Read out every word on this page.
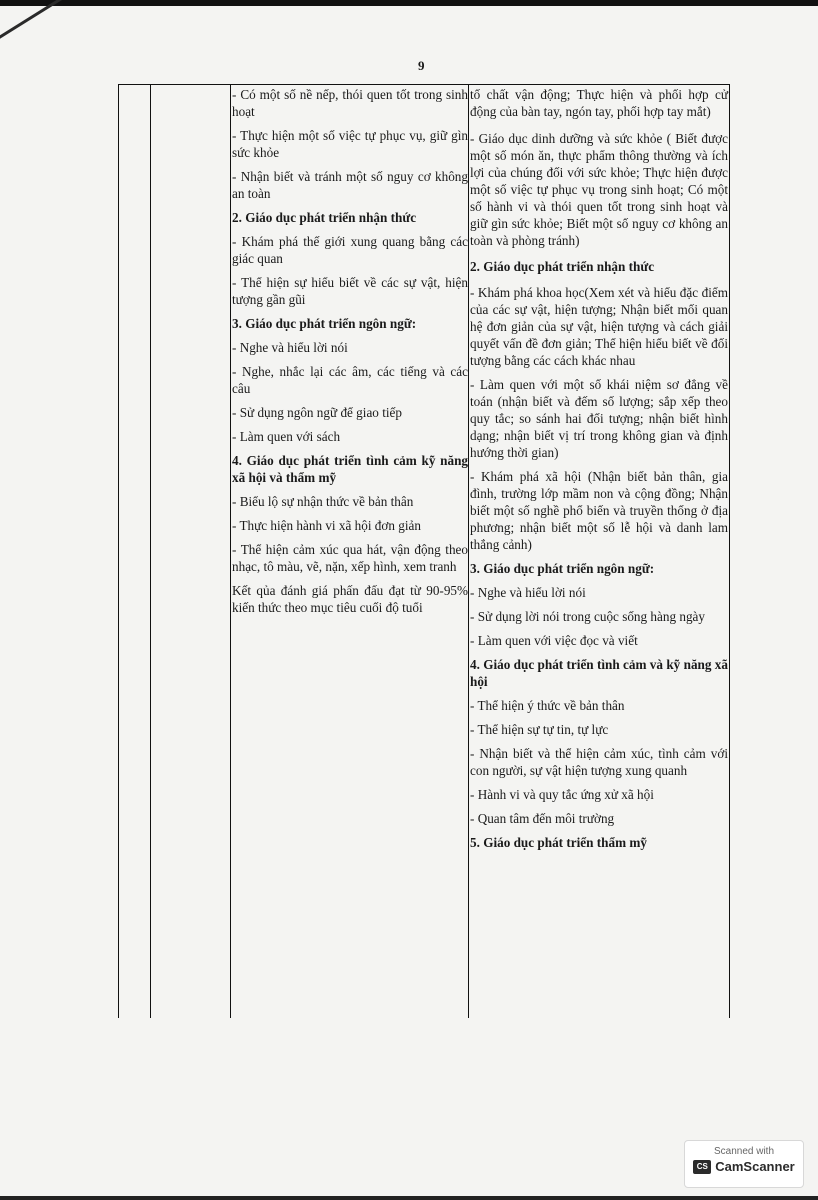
9

- Có một số nề nếp, thói quen tốt trong sinh hoạt

- Thực hiện một số việc tự phục vụ, giữ gìn sức khỏe

- Nhận biết và tránh một số nguy cơ không an toàn

2. Giáo dục phát triển nhận thức

- Khám phá thế giới xung quang bằng các giác quan

- Thể hiện sự hiểu biết về các sự vật, hiện tượng gần gũi

3. Giáo dục phát triển ngôn ngữ:

- Nghe và hiểu lời nói

- Nghe, nhắc lại các âm, các tiếng và các câu

- Sử dụng ngôn ngữ để giao tiếp

- Làm quen với sách

4. Giáo dục phát triển tình cảm kỹ năng xã hội và thẩm mỹ

- Biểu lộ sự nhận thức về bản thân

- Thực hiện hành vi xã hội đơn giản

- Thể hiện cảm xúc qua hát, vận động theo nhạc, tô màu, vẽ, nặn, xếp hình, xem tranh

Kết qủa đánh giá phấn đấu đạt từ 90-95% kiến thức theo mục tiêu cuối độ tuổi

tố chất vận động; Thực hiện và phối hợp cử động của bàn tay, ngón tay, phối hợp tay mắt)

- Giáo dục dinh dưỡng và sức khỏe ( Biết được một số món ăn, thực phẩm thông thường và ích lợi của chúng đối với sức khỏe; Thực hiện được một số việc tự phục vụ trong sinh hoạt; Có một số hành vi và thói quen tốt trong sinh hoạt và giữ gìn sức khỏe; Biết một số nguy cơ không an toàn và phòng tránh)

2. Giáo dục phát triển nhận thức

- Khám phá khoa học(Xem xét và hiểu đặc điểm của các sự vật, hiện tượng; Nhận biết mối quan hệ đơn giản của sự vật, hiện tượng và cách giải quyết vấn đề đơn giản; Thể hiện hiểu biết về đối tượng bằng các cách khác nhau

- Làm quen với một số khái niệm sơ đẳng về toán (nhận biết và đếm số lượng; sắp xếp theo quy tắc; so sánh hai đối tượng; nhận biết hình dạng; nhận biết vị trí trong không gian và định hướng thời gian)

- Khám phá xã hội (Nhận biết bản thân, gia đình, trường lớp mầm non và cộng đồng; Nhận biết một số nghề phổ biến và truyền thống ở địa phương; nhận biết một số lễ hội và danh lam thắng cảnh)

3. Giáo dục phát triển ngôn ngữ:

- Nghe và hiểu lời nói

- Sử dụng lời nói trong cuộc sống hàng ngày

- Làm quen với việc đọc và viết

4. Giáo dục phát triển tình cảm và kỹ năng xã hội

- Thể hiện ý thức về bản thân

- Thể hiện sự tự tin, tự lực

- Nhận biết và thể hiện cảm xúc, tình cảm với con người, sự vật hiện tượng xung quanh

- Hành vi và quy tắc ứng xử xã hội

- Quan tâm đến môi trường

5. Giáo dục phát triển thẩm mỹ

Scanned with
CS CamScanner
